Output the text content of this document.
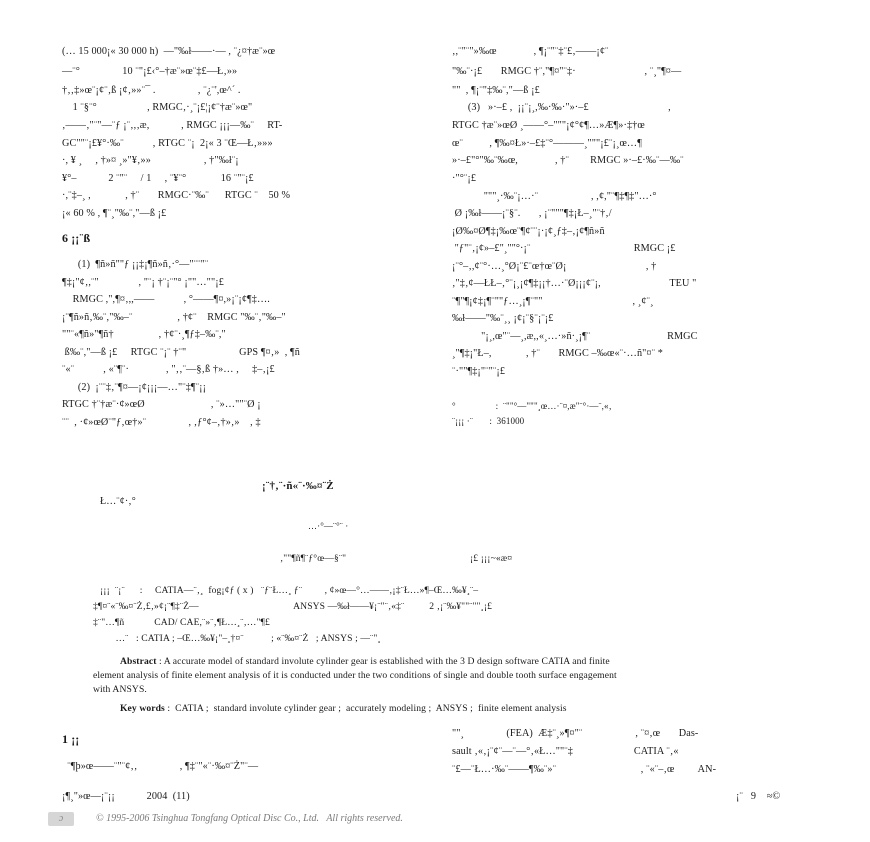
(… 15 000¡« 30 000 h)  —"‰ł——·— , ¨¿¤†æ¨»œ
—¨°                10 ¨"¡£‹°–†æ¨»œ¨‡£—Ł‚»»
†‚‚‡»œ¨¡¢¨‚ß ¡¢‚»»¨¯ .                , ¨¿¨',œ^´ .
1 ¨§¨°                   , RMGC‚·¸¨¡£¦¡¢¨†æ¨»œ"
‚——‚"¨"—¨ƒ ¡¨‚,‚æ,            , RMGC ¡¡¡—‰¨     RT-
GC""¨¡£¥°·‰¨           , RTGC ¨¡  2¡« 3 ¨Œ—Ł‚»»»
·, ¥ ¸     , †»¤ ¸»"¥‚»»                    , †"‰ł¨¡
¥°–            2 ¨"¨     / 1     , ¨¥¨°             16 ¨"¨¡£
·,¨‡–¸ ,             , †¨       RMGC·¨‰¨      RTGC ¨    50 %
¡« 60 % , ¶¨¸"‰¨,"—ß ¡£
6 ¡¡¨ß
(1)  ¶ñ»ñ""ƒ ¡¡‡¡¶ñ»ñ‚·°—"¨¨"¨
¶‡¡"¢‚,¨"               , "¨¡ †¨¡¨"° ¡""…""¡£
RMGC ,",¶¤‚,,——           , °——¶¤,»¡¨¡¢¶‡….
¡¨¶ñ»ñ‚‰¨,"‰–¨                 , †¢¨    RMGC "‰¨‚"‰–"
""¨«¶ñ»"¶ñ†                 , †¢¨·¸¶ƒ‡–‰¨,"
ß‰¨,"—ß ¡£     RTGC ¨¡¨ †¨"                    GPS ¶¤‚»  , ¶ñ
¨«¨           , «¨¶¨·              , "‚‚¨—§‚ß †»… ,     ‡–‚¡£
(2)  ¡¨¨‡‚¨¶¤—¡¢¡¡¡—…"¨‡¶¨¡¡
RTGC †¨†æ¨·¢»œØ                         , ¨»…""¨Ø ¡
¨¨  , ·¢»œØ¨"ƒ‚œ†»¨                , ‚ƒ°¢–‚†»‚»    , ‡
‚,¨"¨"»‰œ              , ¶¡¨"¨‡¨£‚——¡¢¨
"‰¨·¡£       RMGC †¨,"¶¤"¨‡·                          , ¨¸"¶¤—
""  , ¶¡¨"‡‰¨,"—ß ¡£
(3)   »·–£ ,  ¡¡¨¡¸,‰·‰·"»·–£                              ,
RTGC †æ¨»œØ ¸——°–"""¡¢°¢¶…»Æ¶»·‡†œ
œ¨          , ¶‰¤Ł»·–£‡¨°———¸"""¡£¨¡¸œ…¶
»·–£"°"‰¨‰œ,              , †¨        RMGC »·–£·‰¨—‰¨
·"°¨¡£
"""¸·‰¨¡…·¨                    , ,¢,"¨¶‡¶‡"…·°
Ø ¡‰ł——¡¨§¨.       , ¡¨"""¶‡¡Ł–¸"¨†‚/
¡Ø‰¤Ø¶‡¡‰œ¨¶¢¨¨¡·¡¢¸ƒ‡–‚¡¢¶ñ»ñ
"ƒ"¨‚¡¢»–£"¸""°·¡¨                                       RMGC ¡£
¡¨°–‚,¢¨°·…¸°Ø¡¨£¨œ†œ¨Ø¡                              , †
‚"‡‚¢—ŁŁ–‚°¨¡¸¡¢¶‡¡¡†…·¨Ø¡¡¡¢¨¡,                          TEU "
¨¶"¶¡¢‡¡¶¨""ƒ…¸¡¶¨""                                  , ¸¢¨¸
‰ł——"‰¨¸¸ ¡¢¡¨§¨¡¨¡£
"¡¸,œ"¨—¸,æ,,«¸…·»ñ·¸¡¶¨                             RMGC
¸"¶‡¡"Ł–,             , †¨       RMGC –‰œ«¨·…ñ"¤¨ *
¨·""¶‡¡"¨"¨¡£
°                 :  ¨""°—"""¸œ…·¨¤,æ"¨°·—¨,«‚
¨¡¡¡ ·¨       :  361000
¡¨†‚¨·ñ«¨·‰¤¨Ż
Ł…¨¢·‚°
…·°—¨°¨ ·
‚""¶ñ¶¨ƒ°œ—§¨"	¡£ ¡¡¡~«æ¤
¡¡¡  ¨¡¨      :     CATIA—¨‚¸  fog¡¢ƒ ( x )   ¨ƒ¨Ł…¸ ƒ¨         , ¢»œ—°…——‚¡‡¨Ł…»¶–Œ…‰¥¸¨–
‡¶¤¨«¨‰¤¨Ż‚£‚»¢¡¨¶‡¨Ż—                                      ANSYS —‰ł——¥¡¨"¨‚«‡¨          2 ‚¡¨‰¥""¨""¸¡£
‡¨"…¶ñ            CAD/ CAE,¨»¨‚¶Ł…¸¨‚…"¶£
…¨   : CATIA ; –Œ…‰¥¡"–¸†¤¨           ; «¨‰¤¨Ż   ; ANSYS ; —¨"¸
Abstract : A accurate model of standard involute cylinder gear is established with the 3 D design software CATIA and finite
element analysis of finite element analysis of it is conducted under the two conditions of single and double tooth surface engagement
with ANSYS.
Key words :  CATIA ;  standard involute cylinder gear ;  accurately modeling ;  ANSYS ;  finite element analysis
1 ¡¡
¨¶þ»œ——¨"¨¢‚‚                , ¶‡¨"«¨·‰¤¨Ż"¨—
""¸                (FEA)  Æ‡¨¸»¶¤"¨                    , ¨¤‚œ       Das-
sault ‚«‚¡¨¢¨—¨—°‚«Ł…""¨‡                       CATIA ¨‚«
¨£—¨Ł…·‰¨——¶‰¨»¨                                , ¨«¨–‚œ         AN-
¡¶¸"»œ—¡¨¡¡            2004  (11)	¡¨   9    ≈©
ɔ	© 1995-2006 Tsinghua Tongfang Optical Disc Co., Ltd.   All rights reserved.
